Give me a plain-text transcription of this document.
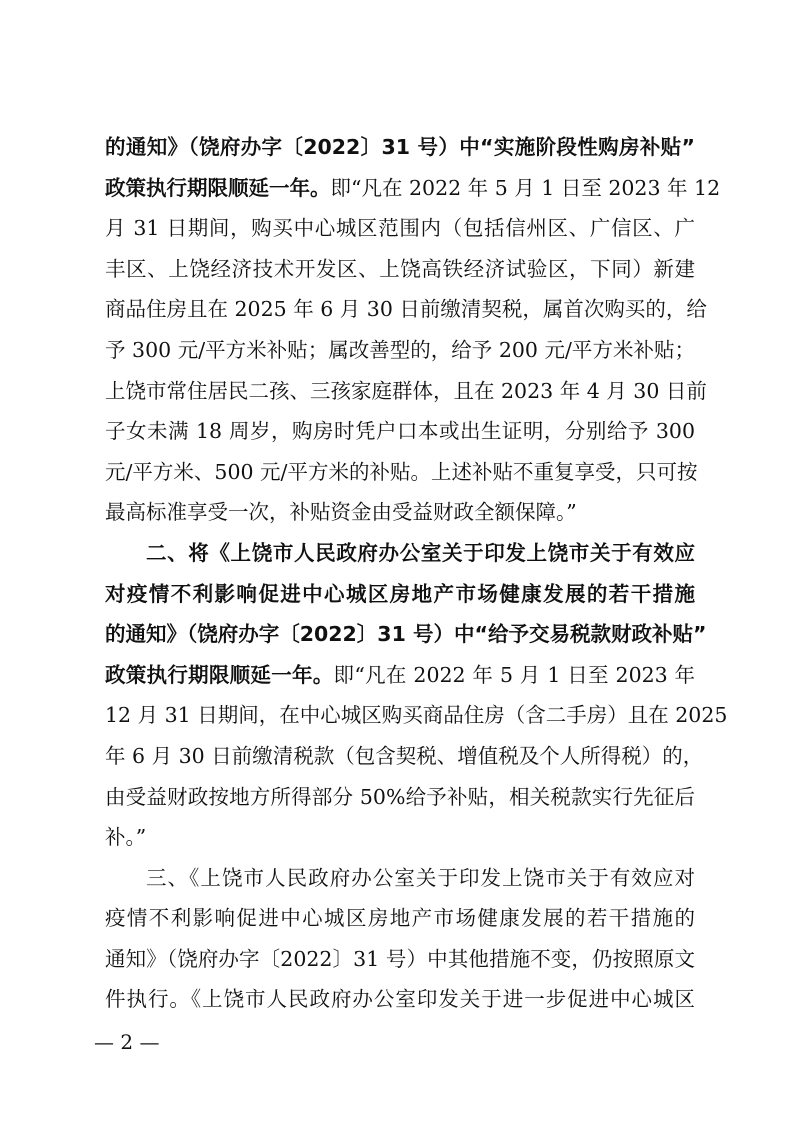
的通知》（饶府办字〔2022〕31 号）中“实施阶段性购房补贴”
政策执行期限顺延一年。即“凡在 2022 年 5 月 1 日至 2023 年 12
月 31 日期间，购买中心城区范围内（包括信州区、广信区、广
丰区、上饶经济技术开发区、上饶高铁经济试验区，下同）新建
商品住房且在 2025 年 6 月 30 日前缴清契税，属首次购买的，给
予 300 元/平方米补贴；属改善型的，给予 200 元/平方米补贴；
上饶市常住居民二孩、三孩家庭群体，且在 2023 年 4 月 30 日前
子女未满 18 周岁，购房时凭户口本或出生证明，分别给予 300
元/平方米、500 元/平方米的补贴。上述补贴不重复享受，只可按
最高标准享受一次，补贴资金由受益财政全额保障。”
二、将《上饶市人民政府办公室关于印发上饶市关于有效应
对疫情不利影响促进中心城区房地产市场健康发展的若干措施
的通知》（饶府办字〔2022〕31 号）中“给予交易税款财政补贴”
政策执行期限顺延一年。即“凡在 2022 年 5 月 1 日至 2023 年
12 月 31 日期间，在中心城区购买商品住房（含二手房）且在 2025
年 6 月 30 日前缴清税款（包含契税、增值税及个人所得税）的，
由受益财政按地方所得部分 50%给予补贴，相关税款实行先征后
补。”
三、《上饶市人民政府办公室关于印发上饶市关于有效应对
疫情不利影响促进中心城区房地产市场健康发展的若干措施的
通知》（饶府办字〔2022〕31 号）中其他措施不变，仍按照原文
件执行。《上饶市人民政府办公室印发关于进一步促进中心城区
— 2 —
